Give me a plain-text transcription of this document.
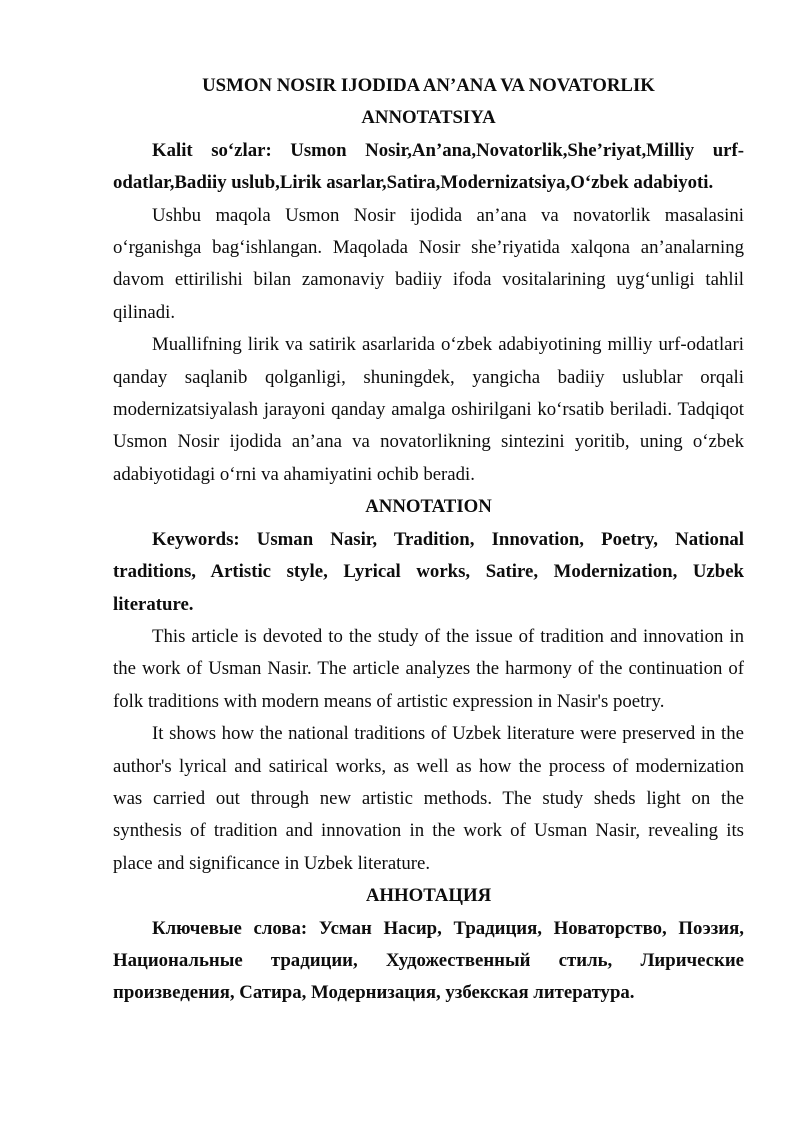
USMON NOSIR IJODIDA AN’ANA VA NOVATORLIK

ANNOTATSIYA

Kalit so‘zlar: Usmon Nosir,An’ana,Novatorlik,She’riyat,Milliy urf-odatlar,Badiiy uslub,Lirik asarlar,Satira,Modernizatsiya,O‘zbek adabiyoti.

Ushbu maqola Usmon Nosir ijodida an’ana va novatorlik masalasini o‘rganishga bag‘ishlangan. Maqolada Nosir she’riyatida xalqona an’analarning davom ettirilishi bilan zamonaviy badiiy ifoda vositalarining uyg‘unligi tahlil qilinadi.

Muallifning lirik va satirik asarlarida o‘zbek adabiyotining milliy urf-odatlari qanday saqlanib qolganligi, shuningdek, yangicha badiiy uslublar orqali modernizatsiyalash jarayoni qanday amalga oshirilgani ko‘rsatib beriladi. Tadqiqot Usmon Nosir ijodida an’ana va novatorlikning sintezini yoritib, uning o‘zbek adabiyotidagi o‘rni va ahamiyatini ochib beradi.

ANNOTATION

Keywords: Usman Nasir, Tradition, Innovation, Poetry, National traditions, Artistic style, Lyrical works, Satire, Modernization, Uzbek literature.

This article is devoted to the study of the issue of tradition and innovation in the work of Usman Nasir. The article analyzes the harmony of the continuation of folk traditions with modern means of artistic expression in Nasir's poetry.

It shows how the national traditions of Uzbek literature were preserved in the author's lyrical and satirical works, as well as how the process of modernization was carried out through new artistic methods. The study sheds light on the synthesis of tradition and innovation in the work of Usman Nasir, revealing its place and significance in Uzbek literature.

АННОТАЦИЯ

Ключевые слова: Усман Насир, Традиция, Новаторство, Поэзия, Национальные традиции, Художественный стиль, Лирические произведения, Сатира, Модернизация, узбекская литература.
